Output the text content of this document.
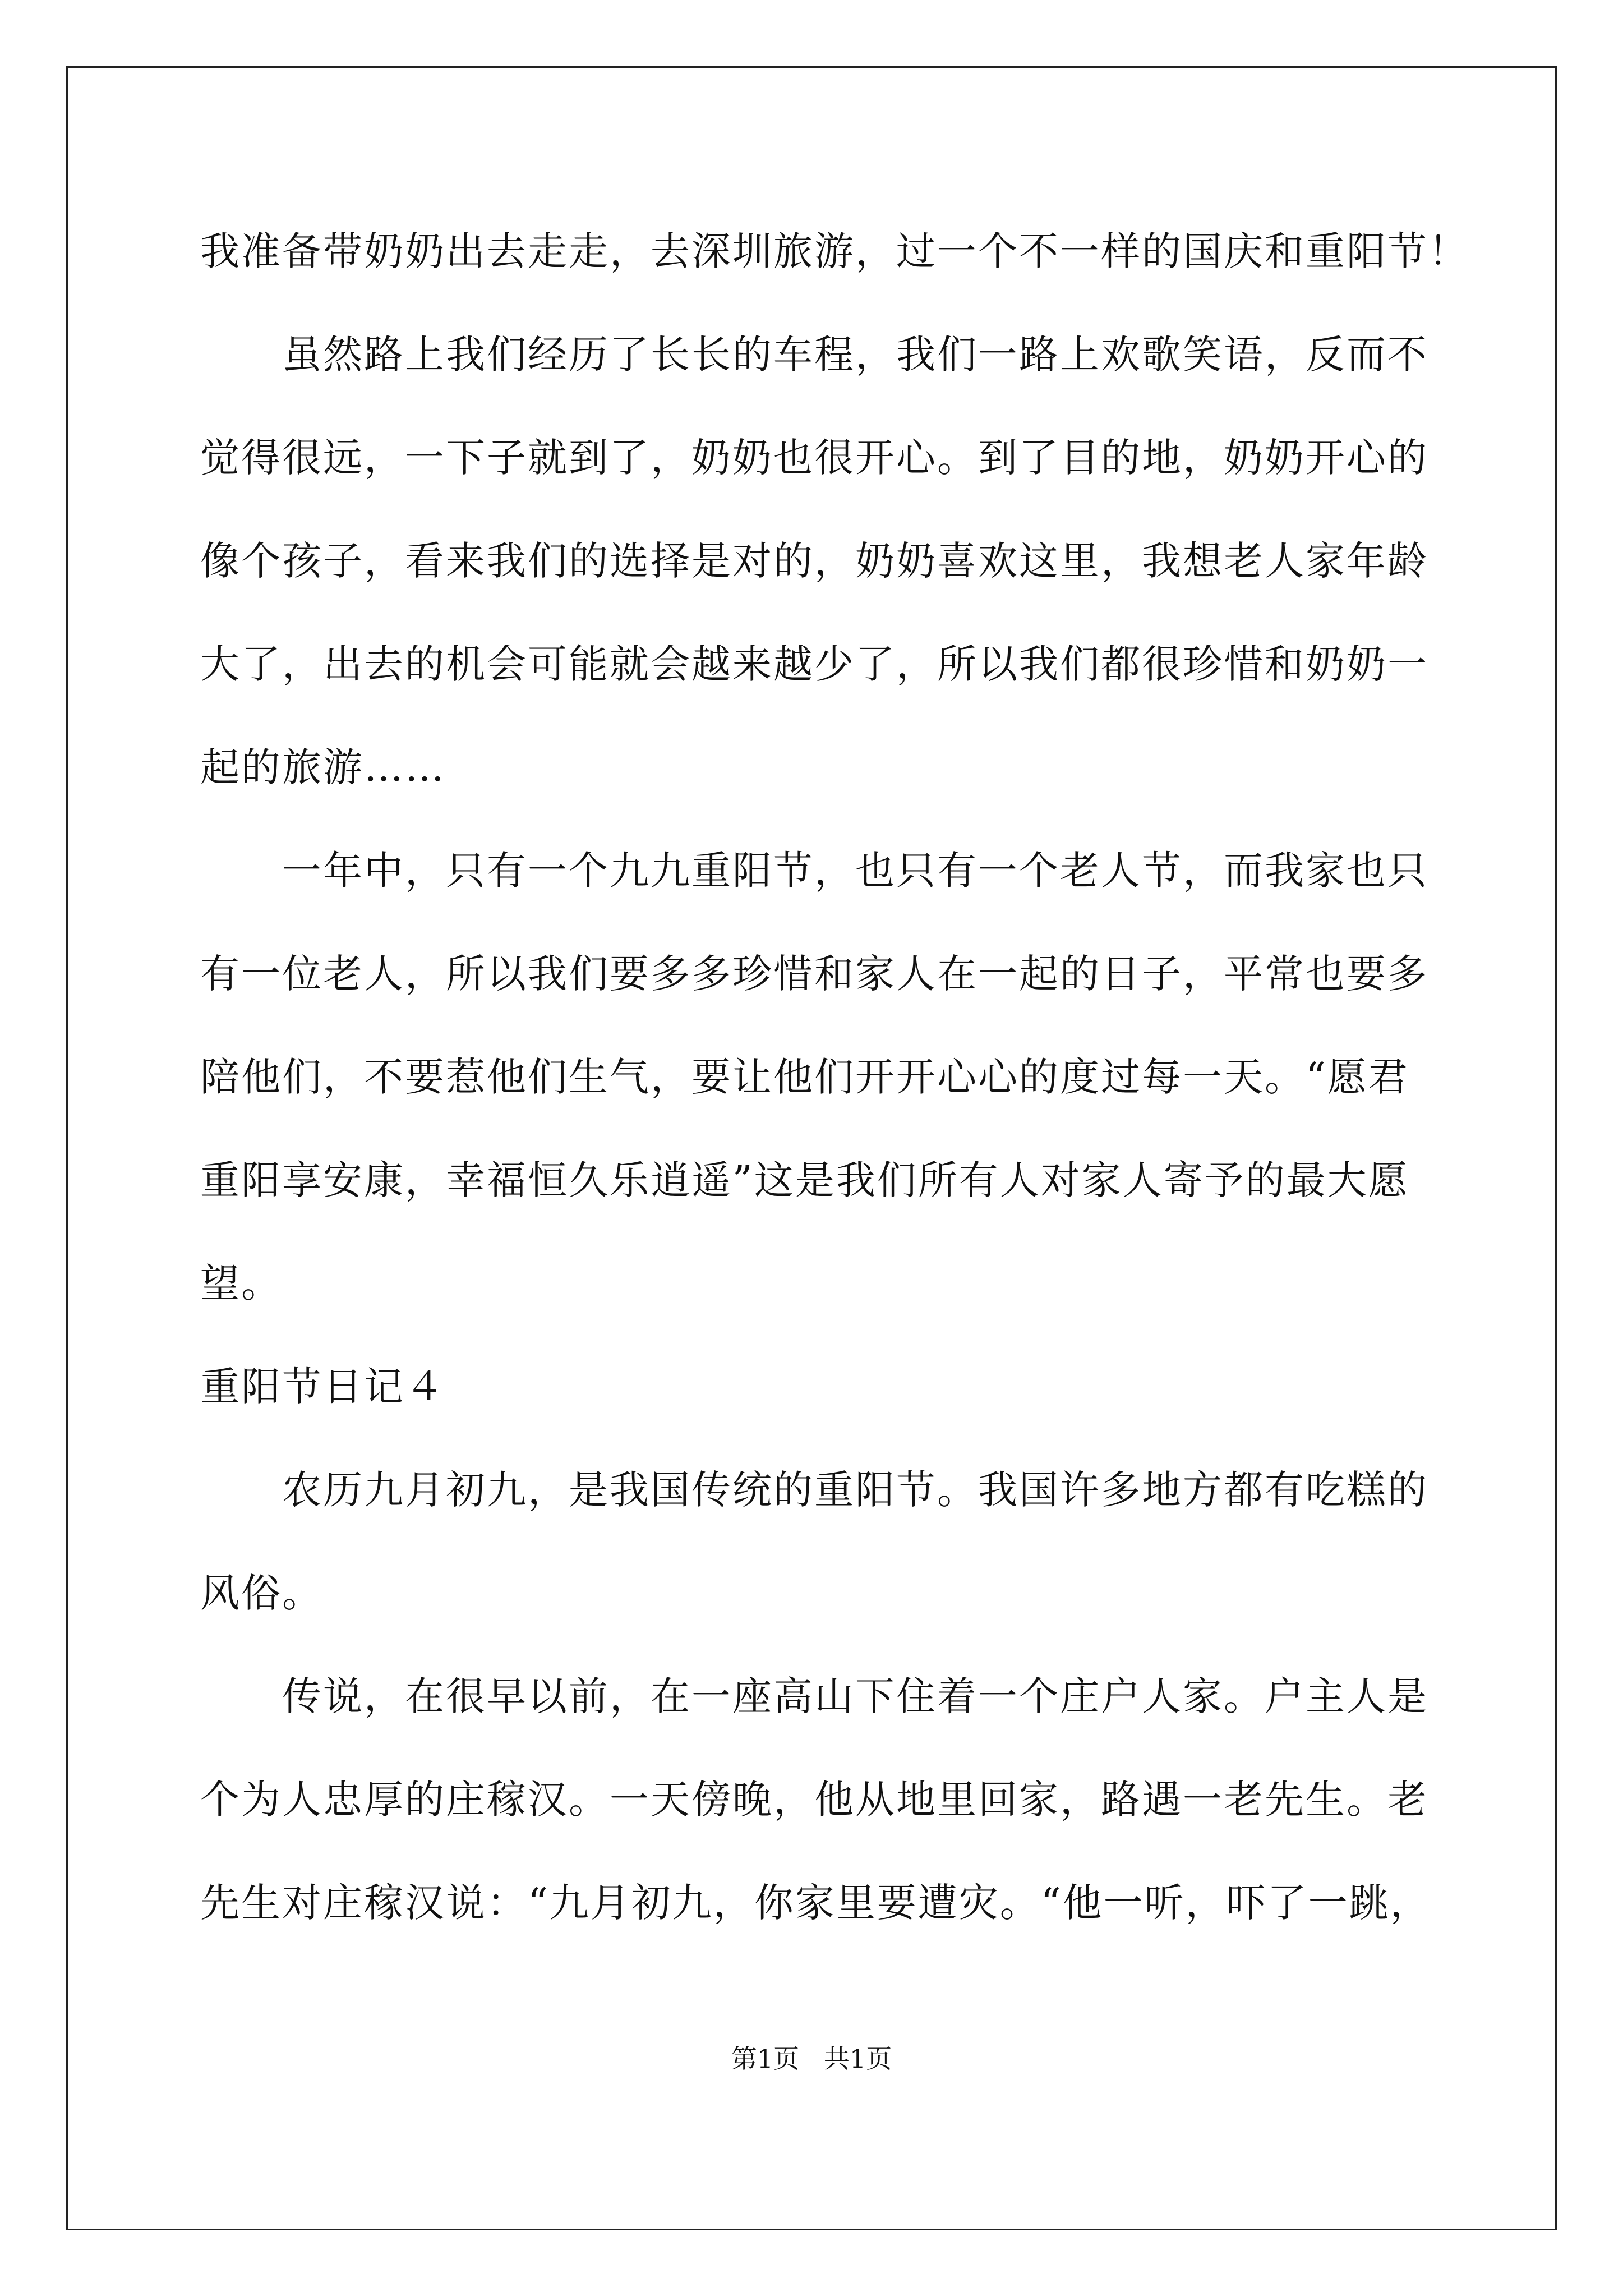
我准备带奶奶出去走走，去深圳旅游，过一个不一样的国庆和重阳节！
虽然路上我们经历了长长的车程，我们一路上欢歌笑语，反而不
觉得很远，一下子就到了，奶奶也很开心。到了目的地，奶奶开心的
像个孩子，看来我们的选择是对的，奶奶喜欢这里，我想老人家年龄
大了，出去的机会可能就会越来越少了，所以我们都很珍惜和奶奶一
起的旅游……
一年中，只有一个九九重阳节，也只有一个老人节，而我家也只
有一位老人，所以我们要多多珍惜和家人在一起的日子，平常也要多
陪他们，不要惹他们生气，要让他们开开心心的度过每一天。“愿君
重阳享安康，幸福恒久乐逍遥”这是我们所有人对家人寄予的最大愿
望。
重阳节日记４
农历九月初九，是我国传统的重阳节。我国许多地方都有吃糕的
风俗。
传说，在很早以前，在一座高山下住着一个庄户人家。户主人是
个为人忠厚的庄稼汉。一天傍晚，他从地里回家，路遇一老先生。老
先生对庄稼汉说：“九月初九，你家里要遭灾。“他一听，吓了一跳，
第1页   共1页
